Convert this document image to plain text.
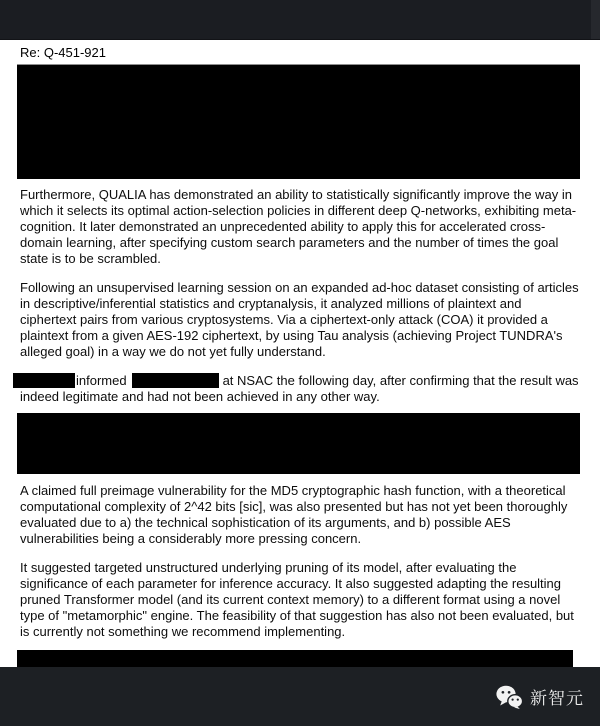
Re: Q-451-921

Furthermore, QUALIA has demonstrated an ability to statistically significantly improve the way in which it selects its optimal action-selection policies in different deep Q-networks, exhibiting meta-cognition. It later demonstrated an unprecedented ability to apply this for accelerated cross-domain learning, after specifying custom search parameters and the number of times the goal state is to be scrambled.

Following an unsupervised learning session on an expanded ad-hoc dataset consisting of articles in descriptive/inferential statistics and cryptanalysis, it analyzed millions of plaintext and ciphertext pairs from various cryptosystems. Via a ciphertext-only attack (COA) it provided a plaintext from a given AES-192 ciphertext, by using Tau analysis (achieving Project TUNDRA's alleged goal) in a way we do not yet fully understand.

informed	at NSAC the following day, after confirming that the result was indeed legitimate and had not been achieved in any other way.

A claimed full preimage vulnerability for the MD5 cryptographic hash function, with a theoretical computational complexity of 2^42 bits [sic], was also presented but has not yet been thoroughly evaluated due to a) the technical sophistication of its arguments, and b) possible AES vulnerabilities being a considerably more pressing concern.

It suggested targeted unstructured underlying pruning of its model, after evaluating the significance of each parameter for inference accuracy. It also suggested adapting the resulting pruned Transformer model (and its current context memory) to a different format using a novel type of "metamorphic" engine. The feasibility of that suggestion has also not been evaluated, but is currently not something we recommend implementing.

新智元
